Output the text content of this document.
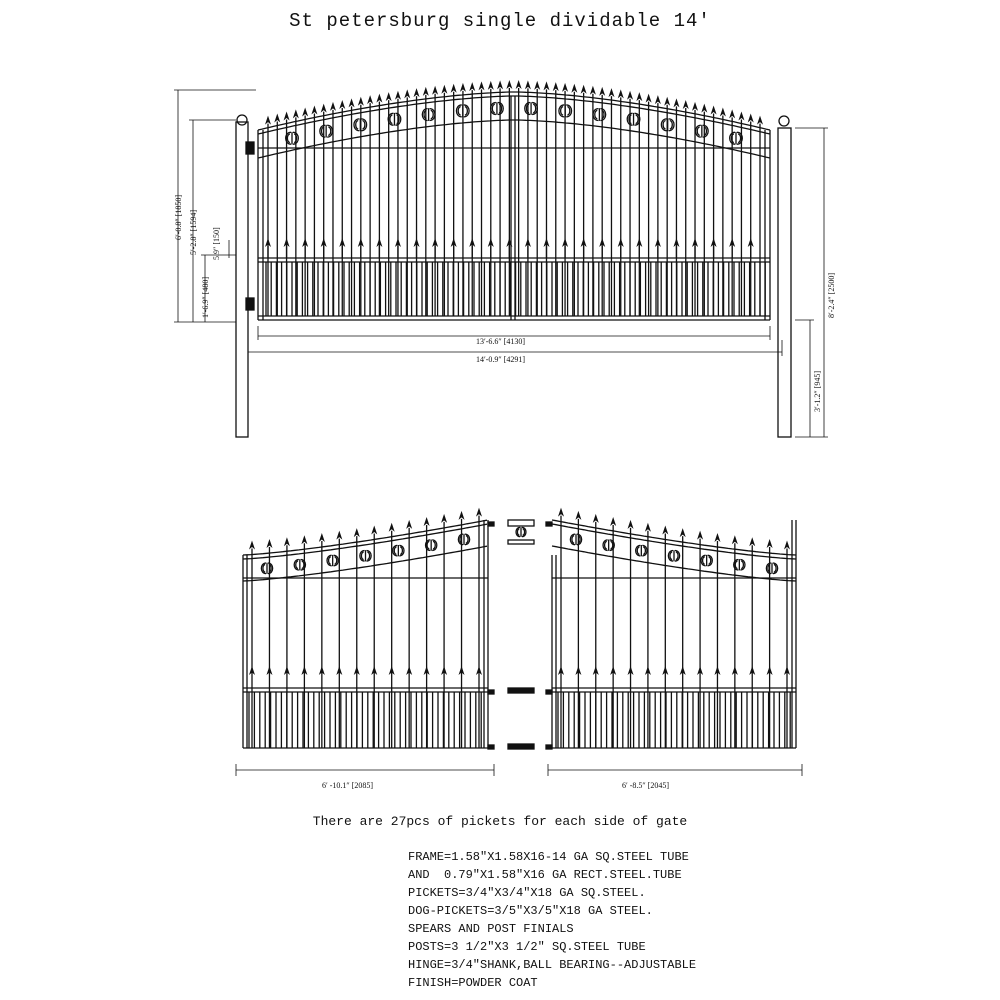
St petersburg single dividable 14′
6′-0.8″ [1850] 5′-2.8″ [1594] 5.9″ [150]
1′-6.9″ [480]	8′-2.4″ [2500]
3′-1.2″ [945]
13′-6.6″ [4130]
14′-0.9″ [4291]
6′ -10.1″ [2085]	6′ -8.5″ [2045]
There are 27pcs of pickets for each side of gate
FRAME=1.58"X1.58X16-14 GA SQ.STEEL TUBE
AND  0.79"X1.58"X16 GA RECT.STEEL.TUBE
PICKETS=3/4"X3/4"X18 GA SQ.STEEL.
DOG-PICKETS=3/5"X3/5"X18 GA STEEL.
SPEARS AND POST FINIALS
POSTS=3 1/2"X3 1/2" SQ.STEEL TUBE
HINGE=3/4"SHANK,BALL BEARING--ADJUSTABLE
FINISH=POWDER COAT
